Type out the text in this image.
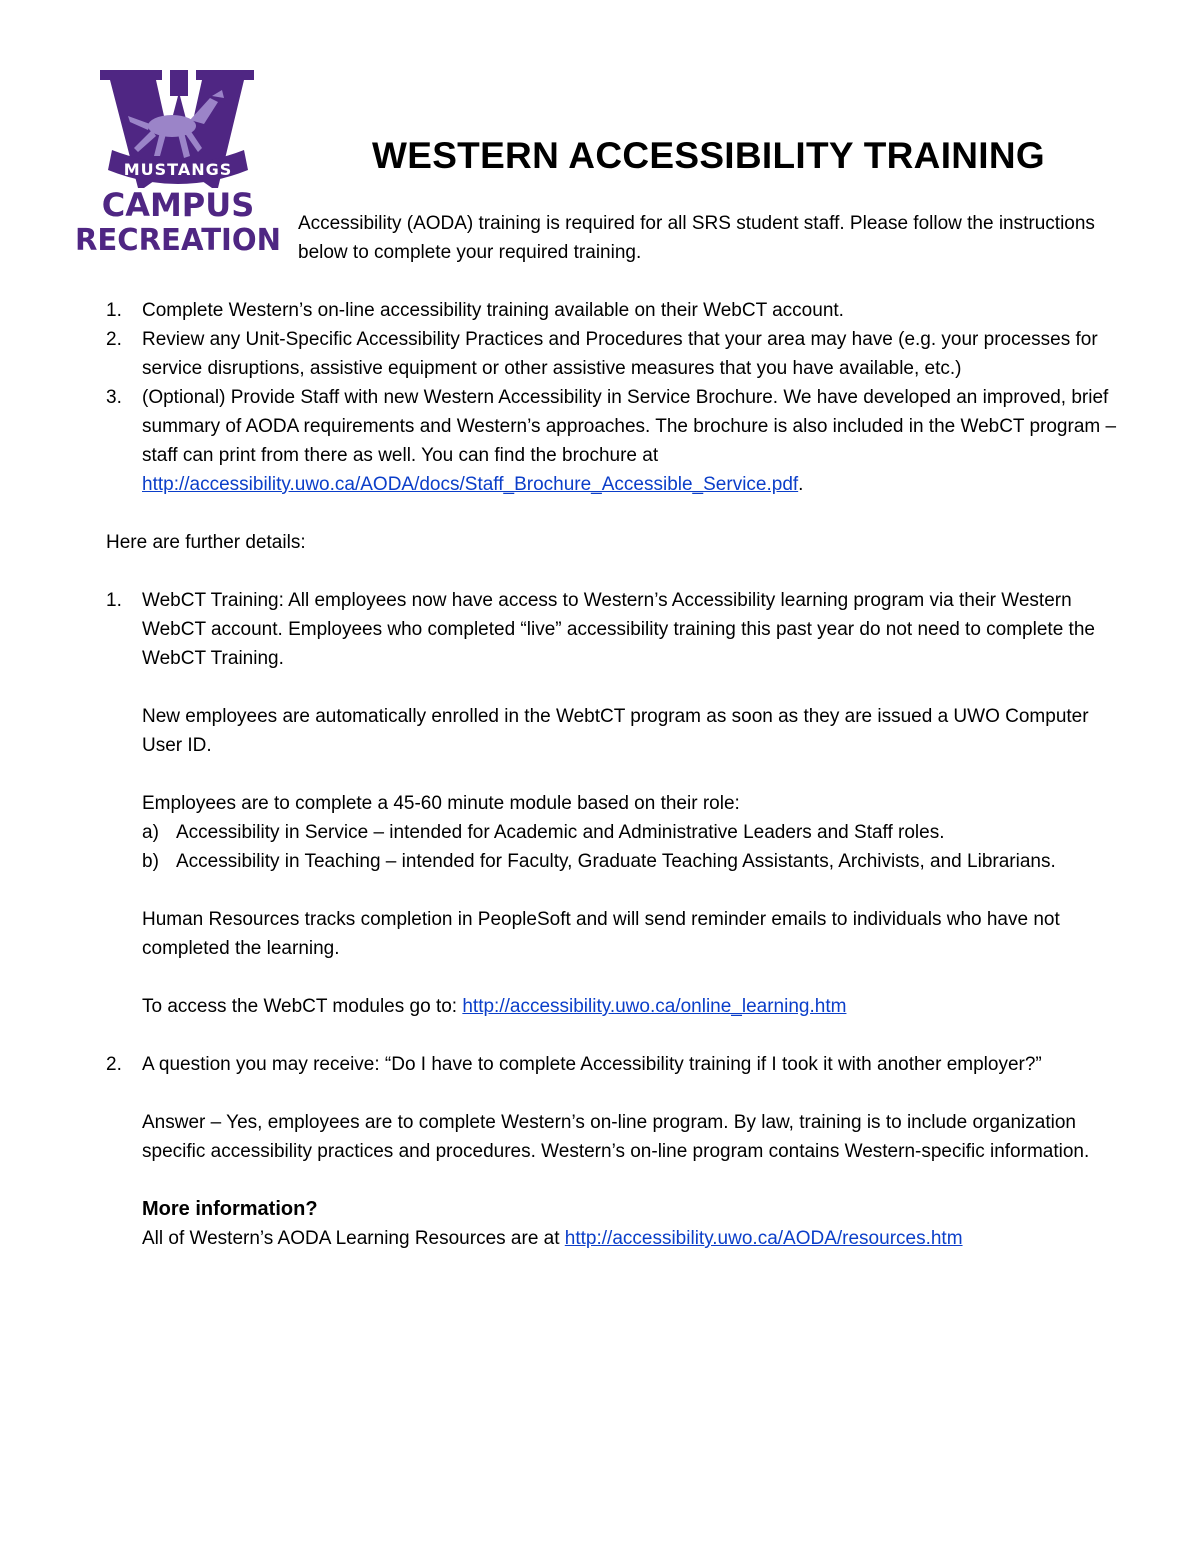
MUSTANGS
CAMPUS
RECREATION
WESTERN ACCESSIBILITY TRAINING

Accessibility (AODA) training is required for all SRS student staff. Please follow the instructions below to complete your required training.

1. Complete Western’s on-line accessibility training available on their WebCT account.
2. Review any Unit-Specific Accessibility Practices and Procedures that your area may have (e.g. your processes for service disruptions, assistive equipment or other assistive measures that you have available, etc.)
3. (Optional) Provide Staff with new Western Accessibility in Service Brochure. We have developed an improved, brief summary of AODA requirements and Western’s approaches. The brochure is also included in the WebCT program – staff can print from there as well. You can find the brochure at http://accessibility.uwo.ca/AODA/docs/Staff_Brochure_Accessible_Service.pdf.

Here are further details:

1. WebCT Training: All employees now have access to Western’s Accessibility learning program via their Western WebCT account. Employees who completed “live” accessibility training this past year do not need to complete the WebCT Training.

New employees are automatically enrolled in the WebtCT program as soon as they are issued a UWO Computer User ID.

Employees are to complete a 45-60 minute module based on their role:

a) Accessibility in Service – intended for Academic and Administrative Leaders and Staff roles.
b) Accessibility in Teaching – intended for Faculty, Graduate Teaching Assistants, Archivists, and Librarians.

Human Resources tracks completion in PeopleSoft and will send reminder emails to individuals who have not completed the learning.

To access the WebCT modules go to: http://accessibility.uwo.ca/online_learning.htm

2. A question you may receive: “Do I have to complete Accessibility training if I took it with another employer?”

Answer – Yes, employees are to complete Western’s on-line program. By law, training is to include organization specific accessibility practices and procedures. Western’s on-line program contains Western-specific information.

More information?

All of Western’s AODA Learning Resources are at http://accessibility.uwo.ca/AODA/resources.htm
